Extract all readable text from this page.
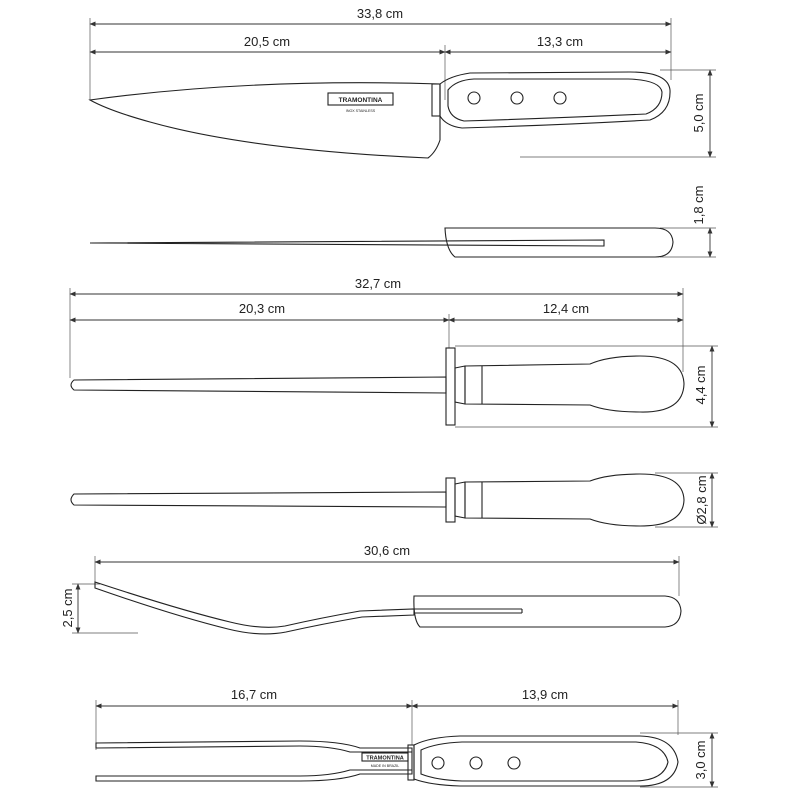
33,8 cm
20,5 cm	13,3 cm
5,0 cm
TRAMONTINA
INOX STAINLESS
1,8 cm
32,7 cm
20,3 cm	12,4 cm
4,4 cm
Ø2,8 cm
30,6 cm
2,5 cm
16,7 cm	13,9 cm
3,0 cm
TRAMONTINA
MADE IN BRAZIL
